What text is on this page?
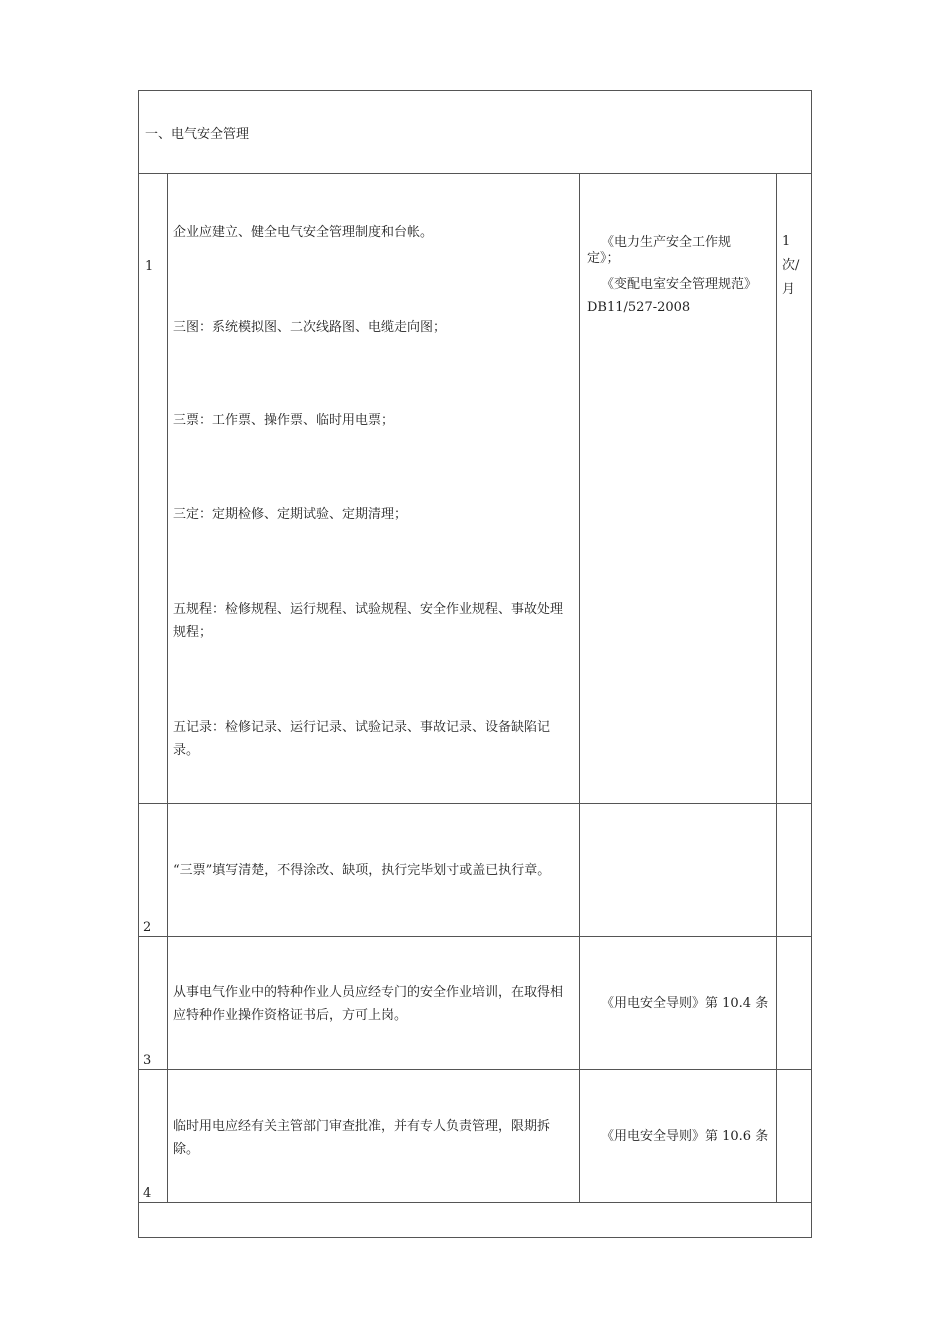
一、电气安全管理
1
企业应建立、健全电气安全管理制度和台帐。
三图：系统模拟图、二次线路图、电缆走向图；
三票：工作票、操作票、临时用电票；
三定：定期检修、定期试验、定期清理；
五规程：检修规程、运行规程、试验规程、安全作业规程、事故处理规程；
五记录：检修记录、运行记录、试验记录、事故记录、设备缺陷记录。
《电力生产安全工作规定》；
《变配电室安全管理规范》
DB11/527-2008
1 次/月
2
“三票”填写清楚，不得涂改、缺项，执行完毕划寸或盖已执行章。
3
从事电气作业中的特种作业人员应经专门的安全作业培训，在取得相应特种作业操作资格证书后，方可上岗。
《用电安全导则》第 10.4 条
4
临时用电应经有关主管部门审查批准，并有专人负责管理，限期拆除。
《用电安全导则》第 10.6 条
